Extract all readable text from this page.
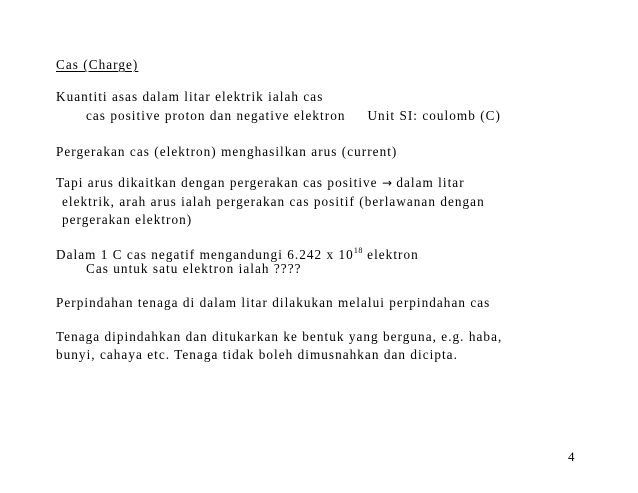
Cas (Charge)
Kuantiti asas dalam litar elektrik ialah cas
cas positive proton dan negative elektron Unit SI: coulomb (C)
Pergerakan cas (elektron) menghasilkan arus (current)
Tapi arus dikaitkan dengan pergerakan cas positive → dalam litar
elektrik, arah arus ialah pergerakan cas positif (berlawanan dengan
pergerakan elektron)
Dalam 1 C cas negatif mengandungi 6.242 x $10^{18}$ elektron
Cas untuk satu elektron ialah ????
Perpindahan tenaga di dalam litar dilakukan melalui perpindahan cas
Tenaga dipindahkan dan ditukarkan ke bentuk yang berguna, e.g. haba,
bunyi, cahaya etc. Tenaga tidak boleh dimusnahkan dan dicipta.
4
